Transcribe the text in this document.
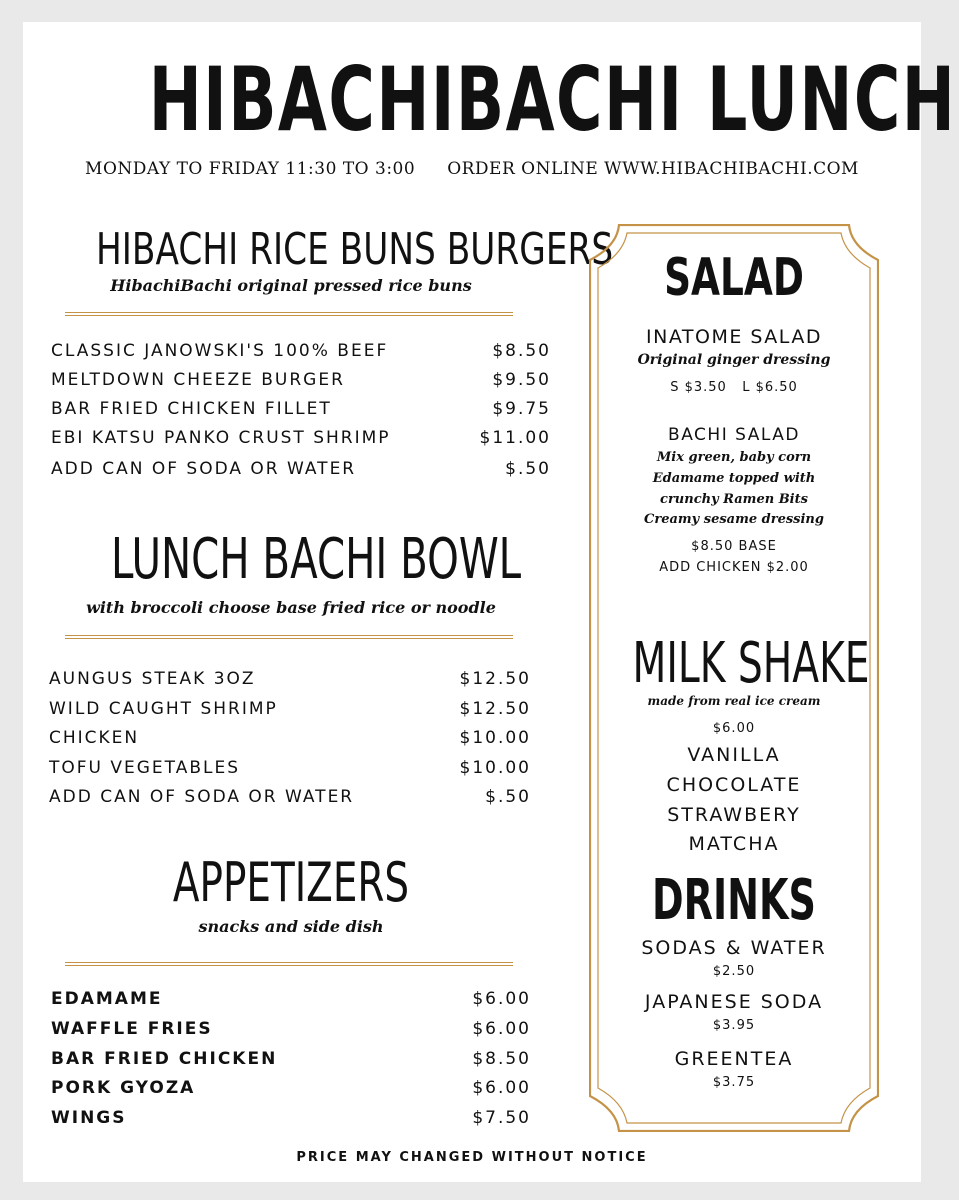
HIBACHIBACHI LUNCH
MONDAY TO FRIDAY 11:30 TO 3:00 ORDER ONLINE WWW.HIBACHIBACHI.COM
HIBACHI RICE BUNS BURGERS
HibachiBachi original pressed rice buns
CLASSIC JANOWSKI'S 100% BEEF	$8.50
MELTDOWN CHEEZE BURGER	$9.50
BAR FRIED CHICKEN FILLET	$9.75
EBI KATSU PANKO CRUST SHRIMP	$11.00
ADD CAN OF SODA OR WATER	$.50
LUNCH BACHI BOWL
with broccoli choose base fried rice or noodle
AUNGUS STEAK 3OZ	$12.50
WILD CAUGHT SHRIMP	$12.50
CHICKEN	$10.00
TOFU VEGETABLES	$10.00
ADD CAN OF SODA OR WATER	$.50
APPETIZERS
snacks and side dish
EDAMAME	$6.00
WAFFLE FRIES	$6.00
BAR FRIED CHICKEN	$8.50
PORK GYOZA	$6.00
WINGS	$7.50
SALAD
INATOME SALAD
Original ginger dressing
S $3.50   L $6.50
BACHI SALAD
Mix green, baby corn
Edamame topped with
crunchy Ramen Bits
Creamy sesame dressing
$8.50 BASE
ADD CHICKEN $2.00
MILK SHAKE
made from real ice cream
$6.00
VANILLA
CHOCOLATE
STRAWBERY
MATCHA
DRINKS
SODAS & WATER
$2.50
JAPANESE SODA
$3.95
GREENTEA
$3.75
PRICE MAY CHANGED WITHOUT NOTICE
